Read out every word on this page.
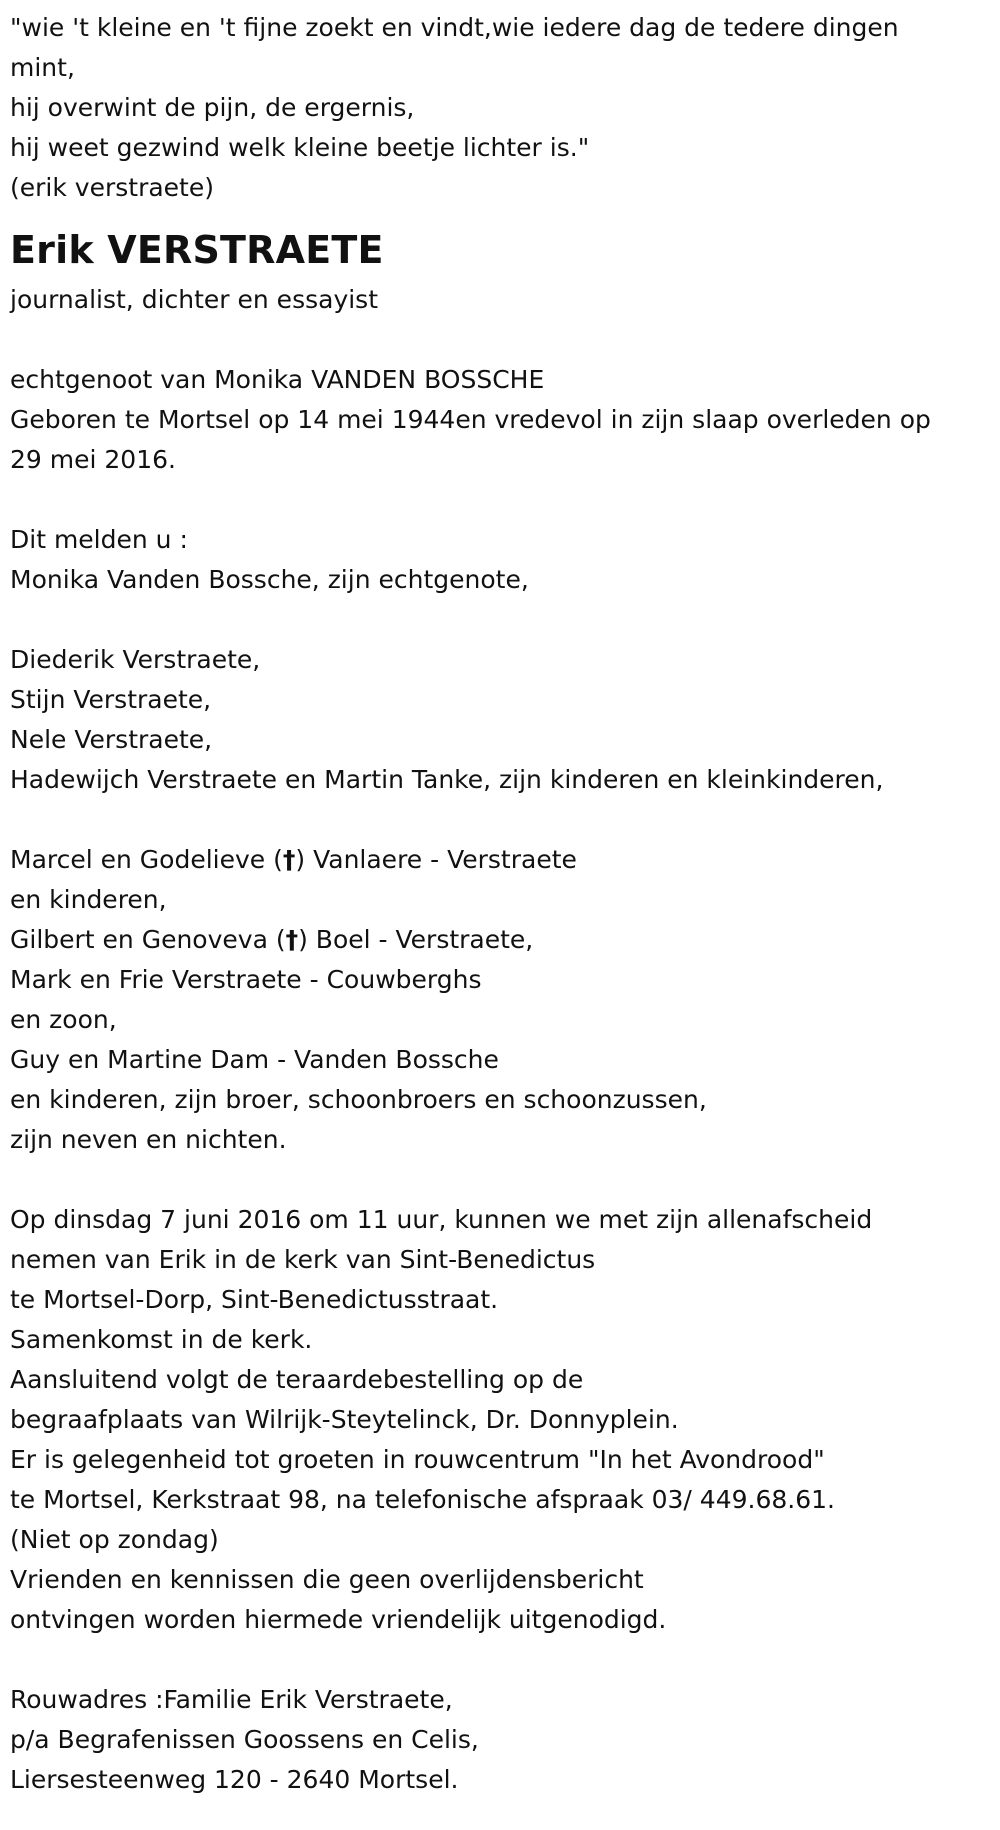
"wie 't kleine en 't fijne zoekt en vindt,wie iedere dag de tedere dingen

mint,

hij overwint de pijn, de ergernis,

hij weet gezwind welk kleine beetje lichter is."

(erik verstraete)

Erik VERSTRAETE

journalist, dichter en essayist

echtgenoot van Monika VANDEN BOSSCHE

Geboren te Mortsel op 14 mei 1944en vredevol in zijn slaap overleden op

29 mei 2016.

Dit melden u :

Monika Vanden Bossche, zijn echtgenote,

Diederik Verstraete,

Stijn Verstraete,

Nele Verstraete,

Hadewijch Verstraete en Martin Tanke, zijn kinderen en kleinkinderen,

Marcel en Godelieve (†) Vanlaere - Verstraete

en kinderen,

Gilbert en Genoveva (†) Boel - Verstraete,

Mark en Frie Verstraete - Couwberghs

en zoon,

Guy en Martine Dam - Vanden Bossche

en kinderen, zijn broer, schoonbroers en schoonzussen,

zijn neven en nichten.

Op dinsdag 7 juni 2016 om 11 uur, kunnen we met zijn allenafscheid

nemen van Erik in de kerk van Sint-Benedictus

te Mortsel-Dorp, Sint-Benedictusstraat.

Samenkomst in de kerk.

Aansluitend volgt de teraardebestelling op de

begraafplaats van Wilrijk-Steytelinck, Dr. Donnyplein.

Er is gelegenheid tot groeten in rouwcentrum "In het Avondrood"

te Mortsel, Kerkstraat 98, na telefonische afspraak 03/ 449.68.61.

(Niet op zondag)

Vrienden en kennissen die geen overlijdensbericht

ontvingen worden hiermede vriendelijk uitgenodigd.

Rouwadres :Familie Erik Verstraete,

p/a Begrafenissen Goossens en Celis,

Liersesteenweg 120 - 2640 Mortsel.
